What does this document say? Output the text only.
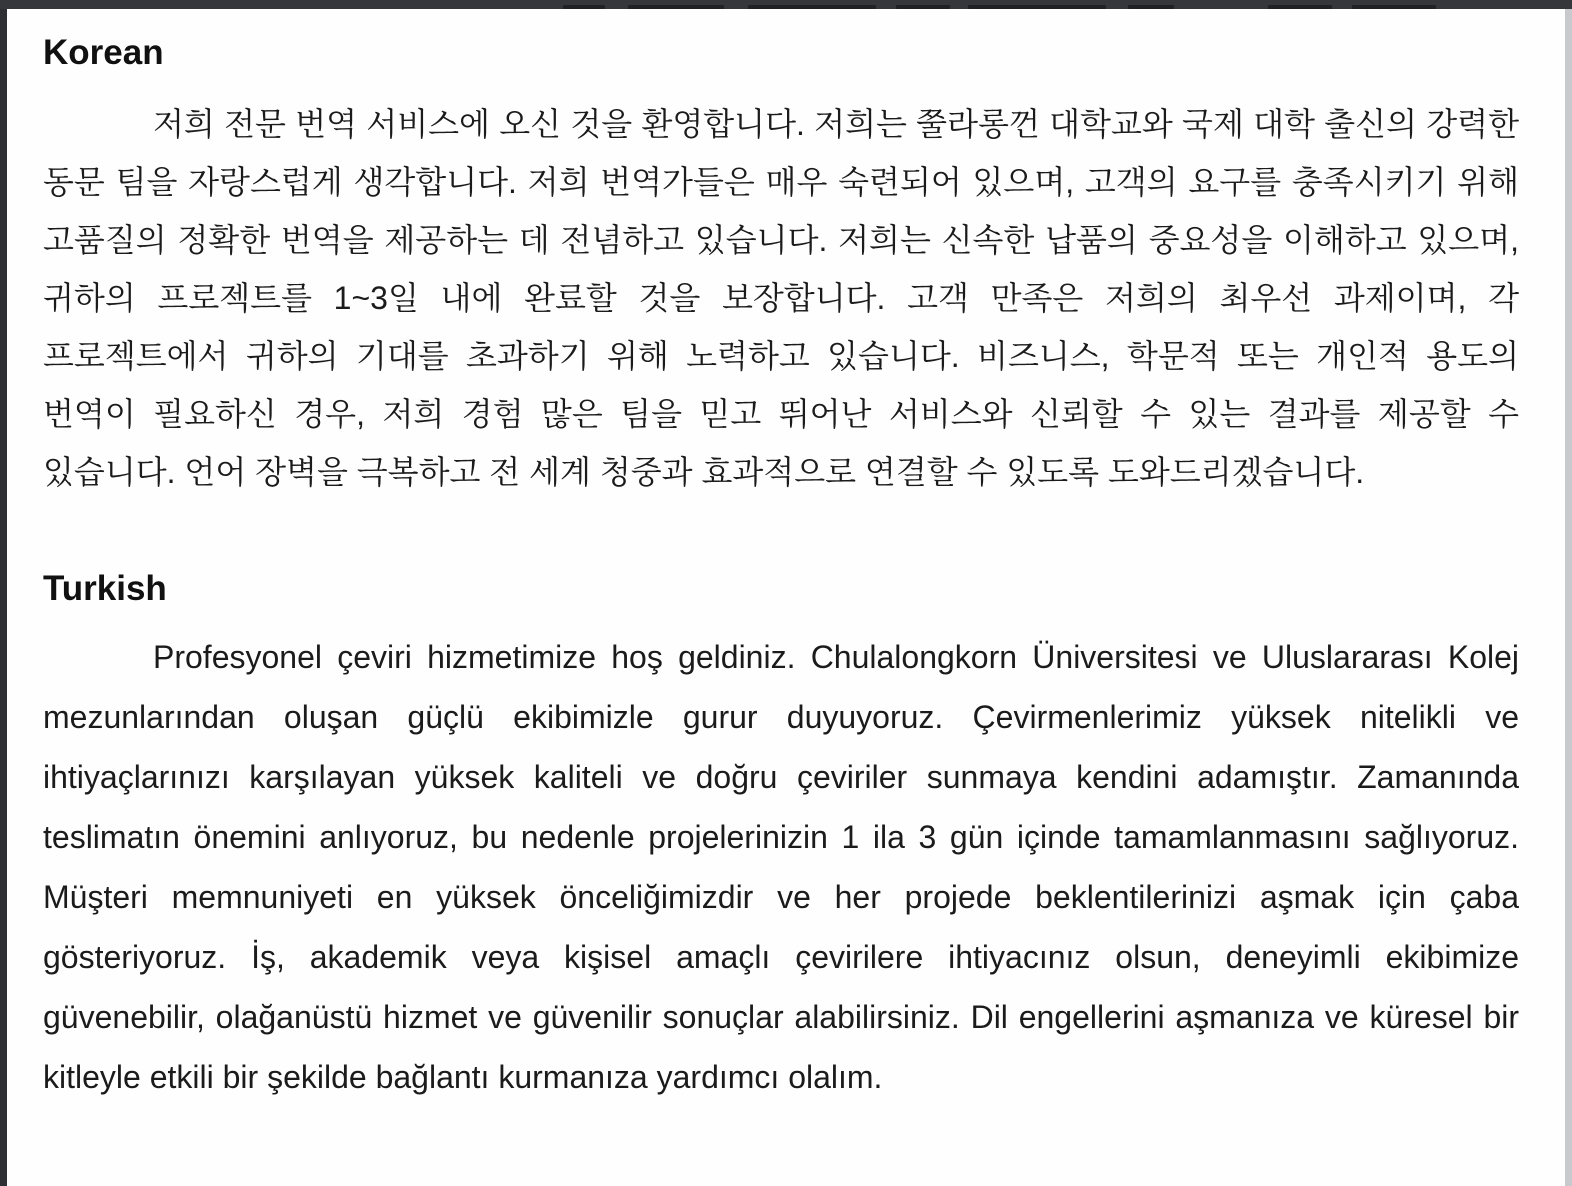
Korean

저희 전문 번역 서비스에 오신 것을 환영합니다. 저희는 쭐라롱껀 대학교와 국제 대학 출신의 강력한 동문 팀을 자랑스럽게 생각합니다. 저희 번역가들은 매우 숙련되어 있으며, 고객의 요구를 충족시키기 위해 고품질의 정확한 번역을 제공하는 데 전념하고 있습니다. 저희는 신속한 납품의 중요성을 이해하고 있으며, 귀하의 프로젝트를 1~3일 내에 완료할 것을 보장합니다. 고객 만족은 저희의 최우선 과제이며, 각 프로젝트에서 귀하의 기대를 초과하기 위해 노력하고 있습니다. 비즈니스, 학문적 또는 개인적 용도의 번역이 필요하신 경우, 저희 경험 많은 팀을 믿고 뛰어난 서비스와 신뢰할 수 있는 결과를 제공할 수 있습니다. 언어 장벽을 극복하고 전 세계 청중과 효과적으로 연결할 수 있도록 도와드리겠습니다.

Turkish

Profesyonel çeviri hizmetimize hoş geldiniz. Chulalongkorn Üniversitesi ve Uluslararası Kolej mezunlarından oluşan güçlü ekibimizle gurur duyuyoruz. Çevirmenlerimiz yüksek nitelikli ve ihtiyaçlarınızı karşılayan yüksek kaliteli ve doğru çeviriler sunmaya kendini adamıştır. Zamanında teslimatın önemini anlıyoruz, bu nedenle projelerinizin 1 ila 3 gün içinde tamamlanmasını sağlıyoruz. Müşteri memnuniyeti en yüksek önceliğimizdir ve her projede beklentilerinizi aşmak için çaba gösteriyoruz. İş, akademik veya kişisel amaçlı çevirilere ihtiyacınız olsun, deneyimli ekibimize güvenebilir, olağanüstü hizmet ve güvenilir sonuçlar alabilirsiniz. Dil engellerini aşmanıza ve küresel bir kitleyle etkili bir şekilde bağlantı kurmanıza yardımcı olalım.
